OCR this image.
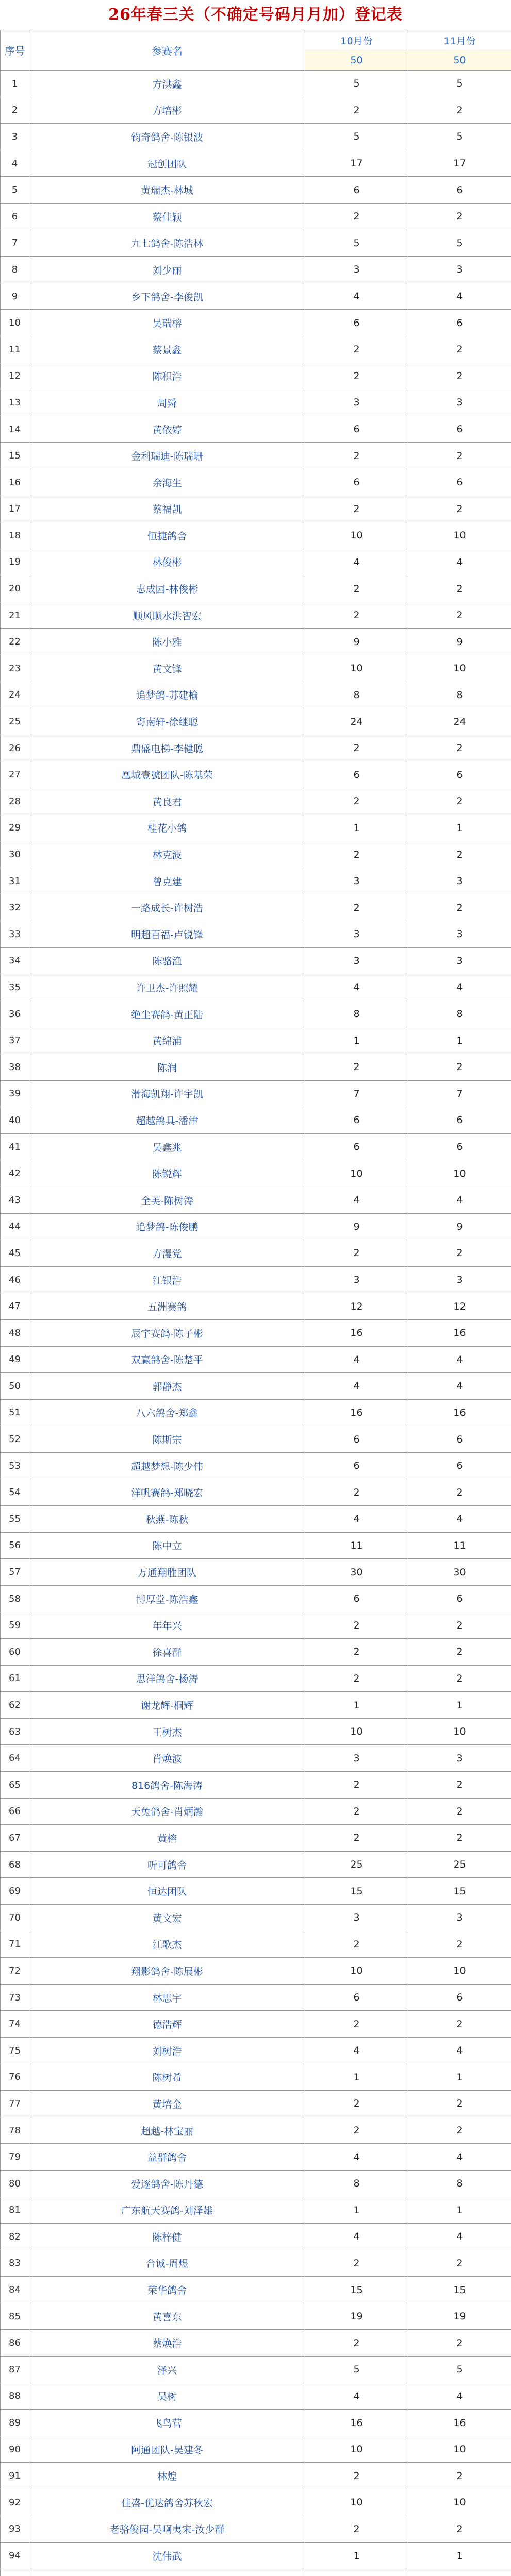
26年春三关（不确定号码月月加）登记表
序号	参赛名	10月份	11月份
		50	50
1	方洪鑫	5	5
2	方培彬	2	2
3	钧奇鸽舍-陈银波	5	5
4	冠创团队	17	17
5	黄瑞杰-林城	6	6
6	蔡佳颖	2	2
7	九七鸽舍-陈浩林	5	5
8	刘少丽	3	3
9	乡下鸽舍-李俊凯	4	4
10	吴瑞榕	6	6
11	蔡景鑫	2	2
12	陈积浩	2	2
13	周舜	3	3
14	黄依婷	6	6
15	金利瑞迪-陈瑞珊	2	2
16	余海生	6	6
17	蔡福凯	2	2
18	恒捷鸽舍	10	10
19	林俊彬	4	4
20	志成园-林俊彬	2	2
21	顺风顺水洪智宏	2	2
22	陈小雅	9	9
23	黄文锋	10	10
24	追梦鸽-苏建榆	8	8
25	寄南轩-徐继聪	24	24
26	鼎盛电梯-李健聪	2	2
27	凰城壹號团队-陈基荣	6	6
28	黄良君	2	2
29	桂花小鸽	1	1
30	林克波	2	2
31	曾克建	3	3
32	一路成长-许树浩	2	2
33	明超百福-卢锐锋	3	3
34	陈骆渔	3	3
35	许卫杰-许照耀	4	4
36	绝尘赛鸽-黄正陆	8	8
37	黄绵浦	1	1
38	陈润	2	2
39	滑海凯翔-许宇凯	7	7
40	超越鸽具-潘津	6	6
41	吴鑫兆	6	6
42	陈锐辉	10	10
43	全英-陈树涛	4	4
44	追梦鸽-陈俊鹏	9	9
45	方漫党	2	2
46	江银浩	3	3
47	五洲赛鸽	12	12
48	辰宇赛鸽-陈子彬	16	16
49	双赢鸽舍-陈楚平	4	4
50	郭静杰	4	4
51	八六鸽舍-郑鑫	16	16
52	陈斯宗	6	6
53	超越梦想-陈少伟	6	6
54	洋帆赛鸽-郑晓宏	2	2
55	秋燕-陈秋	4	4
56	陈中立	11	11
57	万通翔胜团队	30	30
58	博厚堂-陈浩鑫	6	6
59	年年兴	2	2
60	徐喜群	2	2
61	思洋鸽舍-杨涛	2	2
62	谢龙辉-桐辉	1	1
63	王树杰	10	10
64	肖焕波	3	3
65	816鸽舍-陈海涛	2	2
66	天兔鸽舍-肖炳瀚	2	2
67	黄榕	2	2
68	听可鸽舍	25	25
69	恒达团队	15	15
70	黄文宏	3	3
71	江歌杰	2	2
72	翔影鸽舍-陈展彬	10	10
73	林思宇	6	6
74	德浩辉	2	2
75	刘树浩	4	4
76	陈树希	1	1
77	黄培金	2	2
78	超越-林宝丽	2	2
79	益群鸽舍	4	4
80	爱逐鸽舍-陈丹德	8	8
81	广东航天赛鸽-刘泽雄	1	1
82	陈梓健	4	4
83	合诚-周煜	2	2
84	荣华鸽舍	15	15
85	黄喜东	19	19
86	蔡焕浩	2	2
87	泽兴	5	5
88	吴树	4	4
89	飞鸟营	16	16
90	阿通团队-吴建冬	10	10
91	林煌	2	2
92	佳盛-优达鸽舍苏秋宏	10	10
93	老骆俊园-吴啊夷宋-汝少群	2	2
94	沈伟武	1	1
